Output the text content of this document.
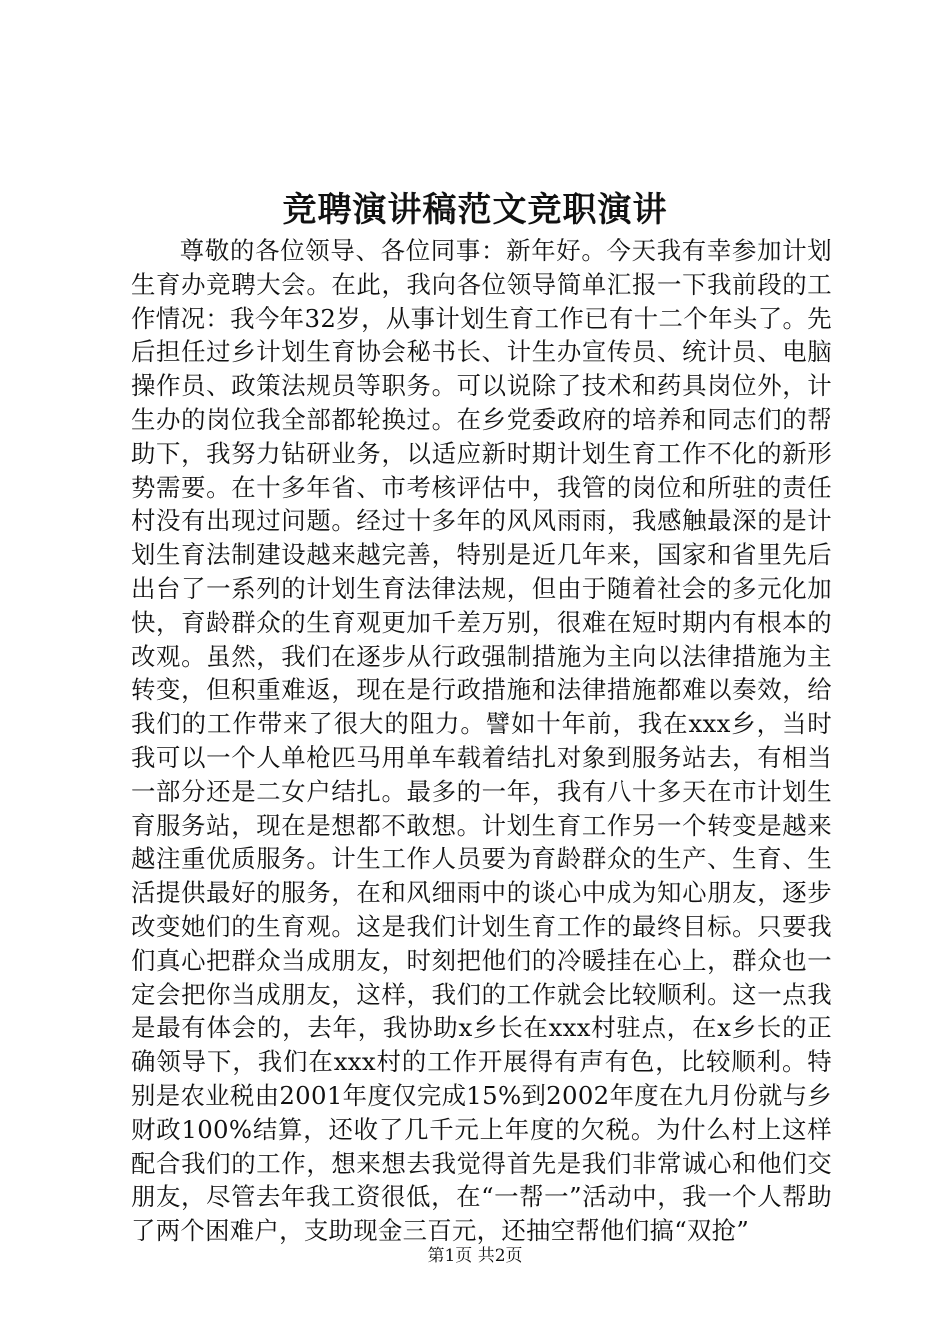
竞聘演讲稿范文竞职演讲

尊敬的各位领导、各位同事：新年好。今天我有幸参加计划生育办竞聘大会。在此，我向各位领导简单汇报一下我前段的工作情况：我今年32岁，从事计划生育工作已有十二个年头了。先后担任过乡计划生育协会秘书长、计生办宣传员、统计员、电脑操作员、政策法规员等职务。可以说除了技术和药具岗位外，计生办的岗位我全部都轮换过。在乡党委政府的培养和同志们的帮助下，我努力钻研业务，以适应新时期计划生育工作不化的新形势需要。在十多年省、市考核评估中，我管的岗位和所驻的责任村没有出现过问题。经过十多年的风风雨雨，我感触最深的是计划生育法制建设越来越完善，特别是近几年来，国家和省里先后出台了一系列的计划生育法律法规，但由于随着社会的多元化加快，育龄群众的生育观更加千差万别，很难在短时期内有根本的改观。虽然，我们在逐步从行政强制措施为主向以法律措施为主转变，但积重难返，现在是行政措施和法律措施都难以奏效，给我们的工作带来了很大的阻力。譬如十年前，我在xxx乡，当时我可以一个人单枪匹马用单车载着结扎对象到服务站去，有相当一部分还是二女户结扎。最多的一年，我有八十多天在市计划生育服务站，现在是想都不敢想。计划生育工作另一个转变是越来越注重优质服务。计生工作人员要为育龄群众的生产、生育、生活提供最好的服务，在和风细雨中的谈心中成为知心朋友，逐步改变她们的生育观。这是我们计划生育工作的最终目标。只要我们真心把群众当成朋友，时刻把他们的冷暖挂在心上，群众也一定会把你当成朋友，这样，我们的工作就会比较顺利。这一点我是最有体会的，去年，我协助x乡长在xxx村驻点，在x乡长的正确领导下，我们在xxx村的工作开展得有声有色，比较顺利。特别是农业税由2001年度仅完成15%到2002年度在九月份就与乡财政100%结算，还收了几千元上年度的欠税。为什么村上这样配合我们的工作，想来想去我觉得首先是我们非常诚心和他们交朋友，尽管去年我工资很低，在“一帮一”活动中，我一个人帮助了两个困难户，支助现金三百元，还抽空帮他们搞“双抢”

第1页 共2页
